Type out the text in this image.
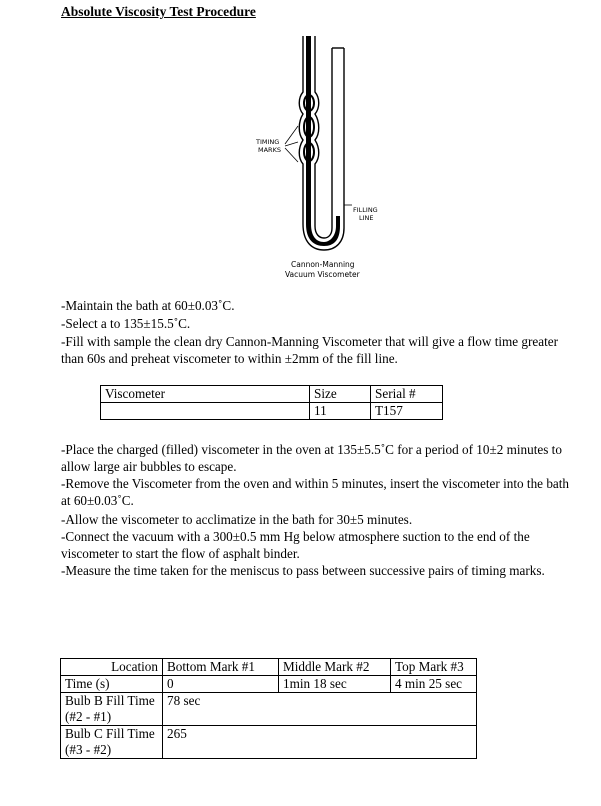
Absolute Viscosity Test Procedure
TIMING
MARKS
FILLING
LINE
Cannon-Manning
Vacuum Viscometer

-Maintain the bath at 60±0.03˚C.

-Select a to 135±15.5˚C.

-Fill with sample the clean dry Cannon-Manning Viscometer that will give a flow time greater than 60s and preheat viscometer to within ±2mm of the fill line.

Viscometer	Size	Serial #
	11	T157

-Place the charged (filled) viscometer in the oven at 135±5.5˚C for a period of 10±2 minutes to allow large air bubbles to escape.

-Remove the Viscometer from the oven and within 5 minutes, insert the viscometer into the bath at 60±0.03˚C.

-Allow the viscometer to acclimatize in the bath for 30±5 minutes.

-Connect the vacuum with a 300±0.5 mm Hg below atmosphere suction to the end of the viscometer to start the flow of asphalt binder.

-Measure the time taken for the meniscus to pass between successive pairs of timing marks.

Location	Bottom Mark #1	Middle Mark #2	Top Mark #3
Time (s)	0	1min 18 sec	4 min 25 sec
Bulb B Fill Time (#2 - #1)	78 sec		
Bulb C Fill Time (#3 - #2)	265		
